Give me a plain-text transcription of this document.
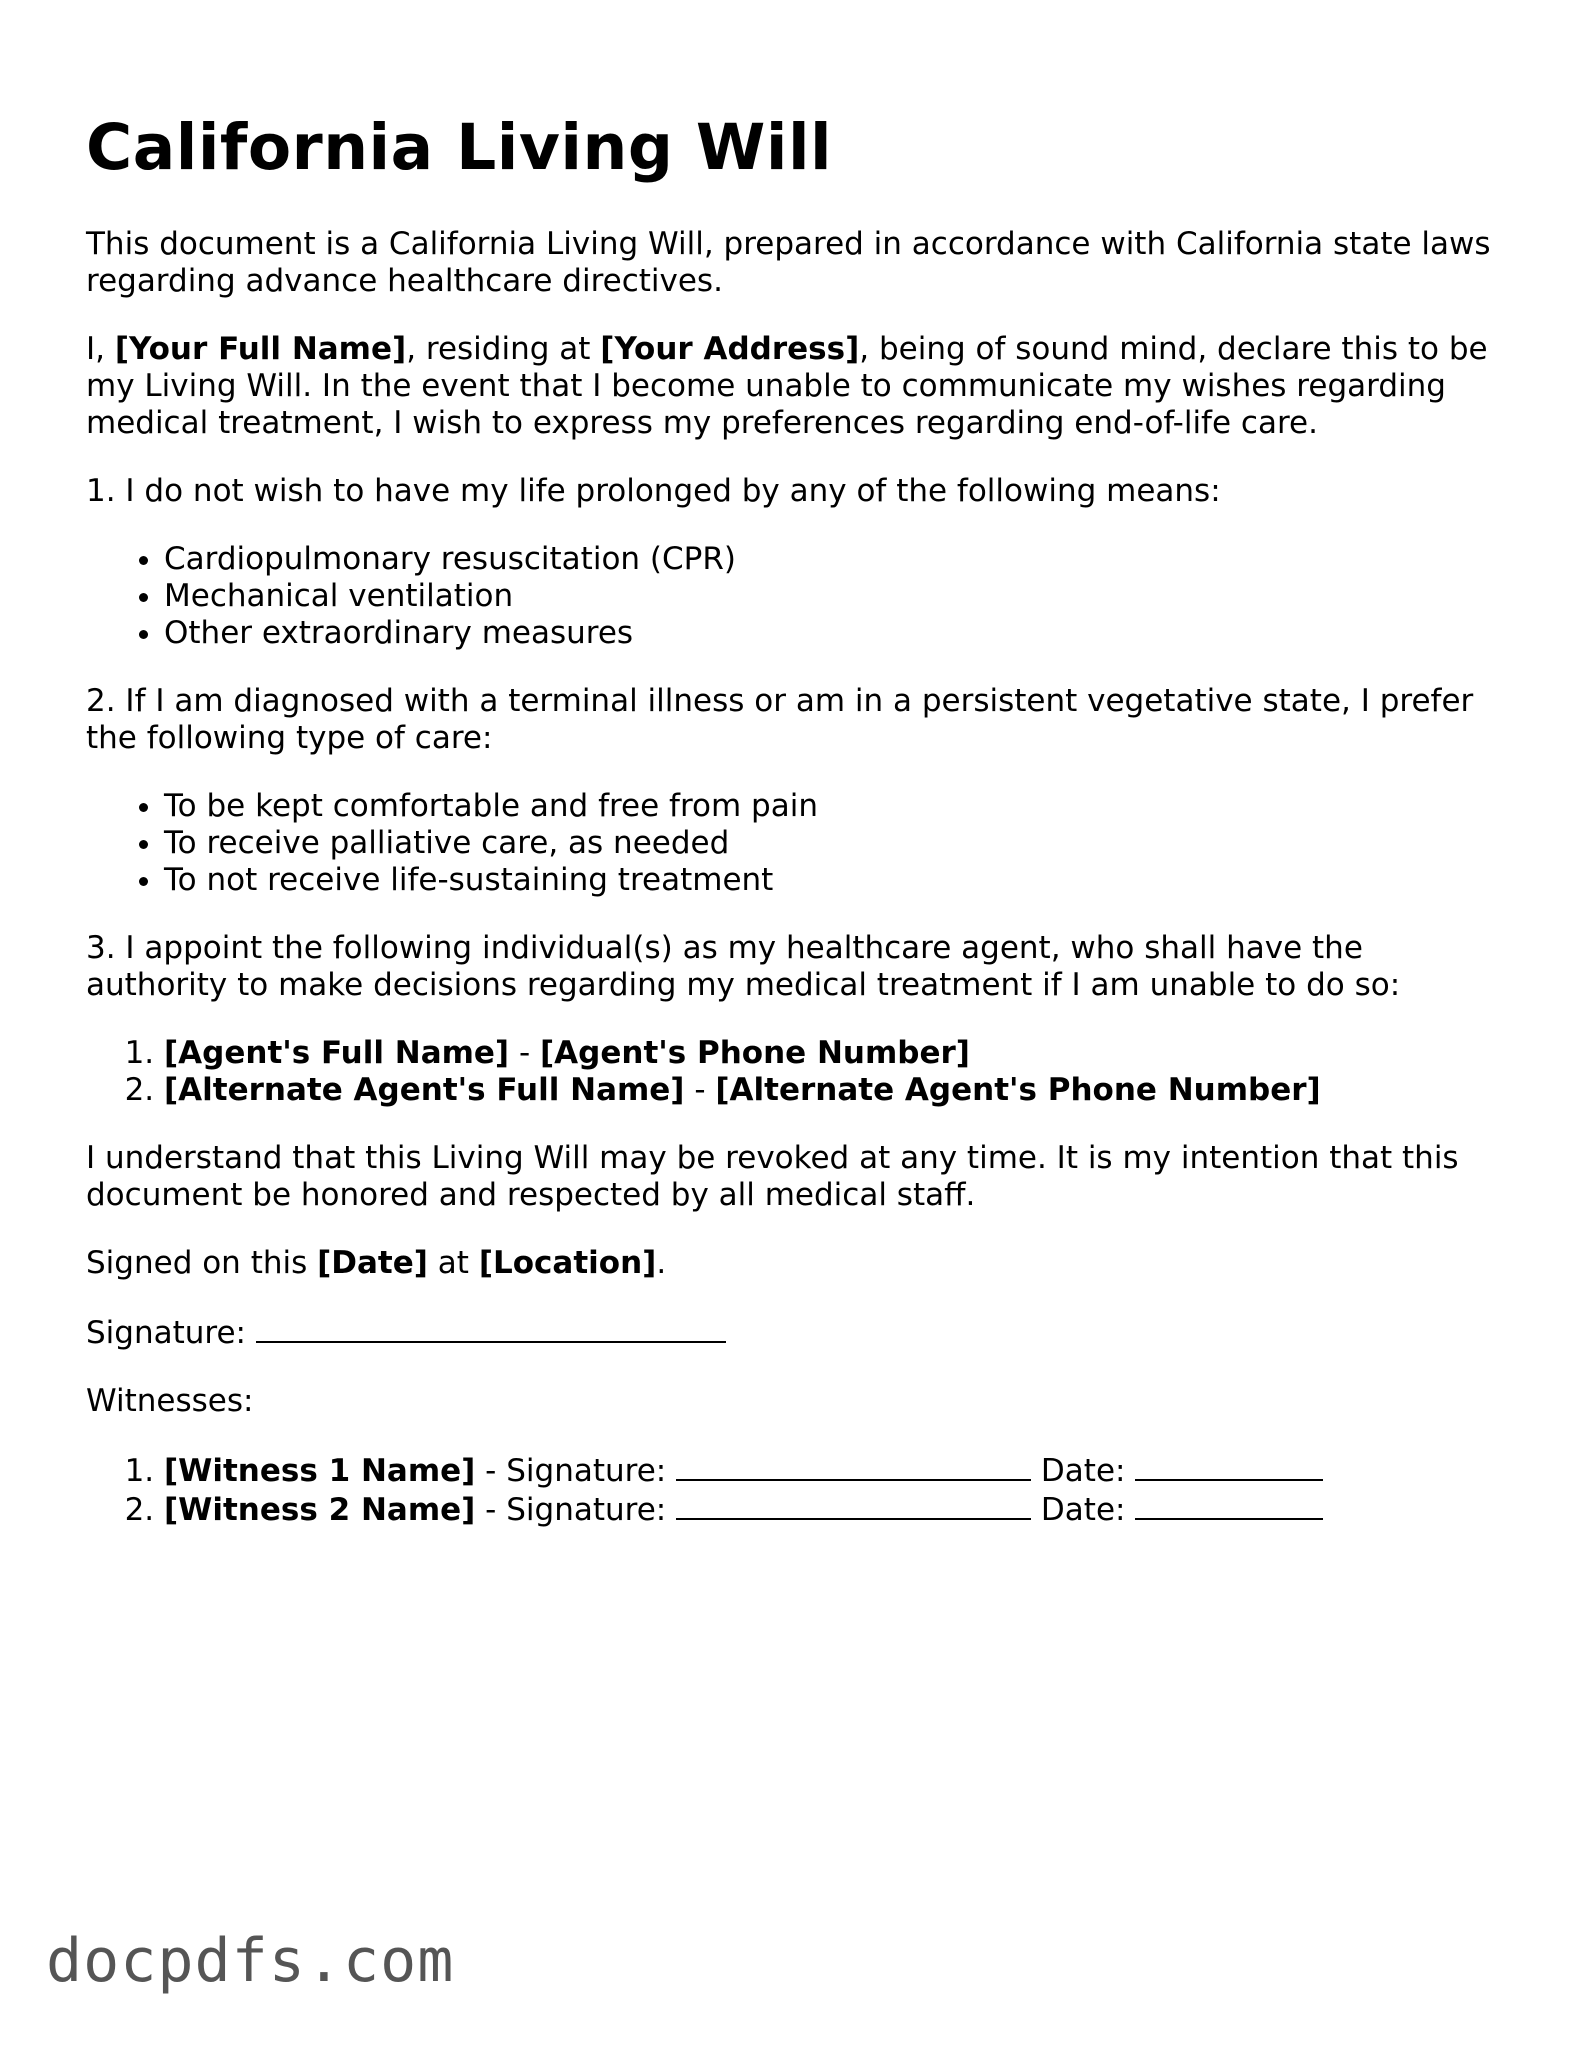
California Living Will

This document is a California Living Will, prepared in accordance with California state laws regarding advance healthcare directives.

I, [Your Full Name], residing at [Your Address], being of sound mind, declare this to be my Living Will. In the event that I become unable to communicate my wishes regarding medical treatment, I wish to express my preferences regarding end-of-life care.

1. I do not wish to have my life prolonged by any of the following means:

• Cardiopulmonary resuscitation (CPR)
• Mechanical ventilation
• Other extraordinary measures

2. If I am diagnosed with a terminal illness or am in a persistent vegetative state, I prefer the following type of care:

• To be kept comfortable and free from pain
• To receive palliative care, as needed
• To not receive life-sustaining treatment

3. I appoint the following individual(s) as my healthcare agent, who shall have the authority to make decisions regarding my medical treatment if I am unable to do so:

1. [Agent's Full Name] - [Agent's Phone Number]
2. [Alternate Agent's Full Name] - [Alternate Agent's Phone Number]

I understand that this Living Will may be revoked at any time. It is my intention that this document be honored and respected by all medical staff.

Signed on this [Date] at [Location].

Signature:

Witnesses:

1. [Witness 1 Name] - Signature:	Date:
2. [Witness 2 Name] - Signature:	Date:
docpdfs.com
